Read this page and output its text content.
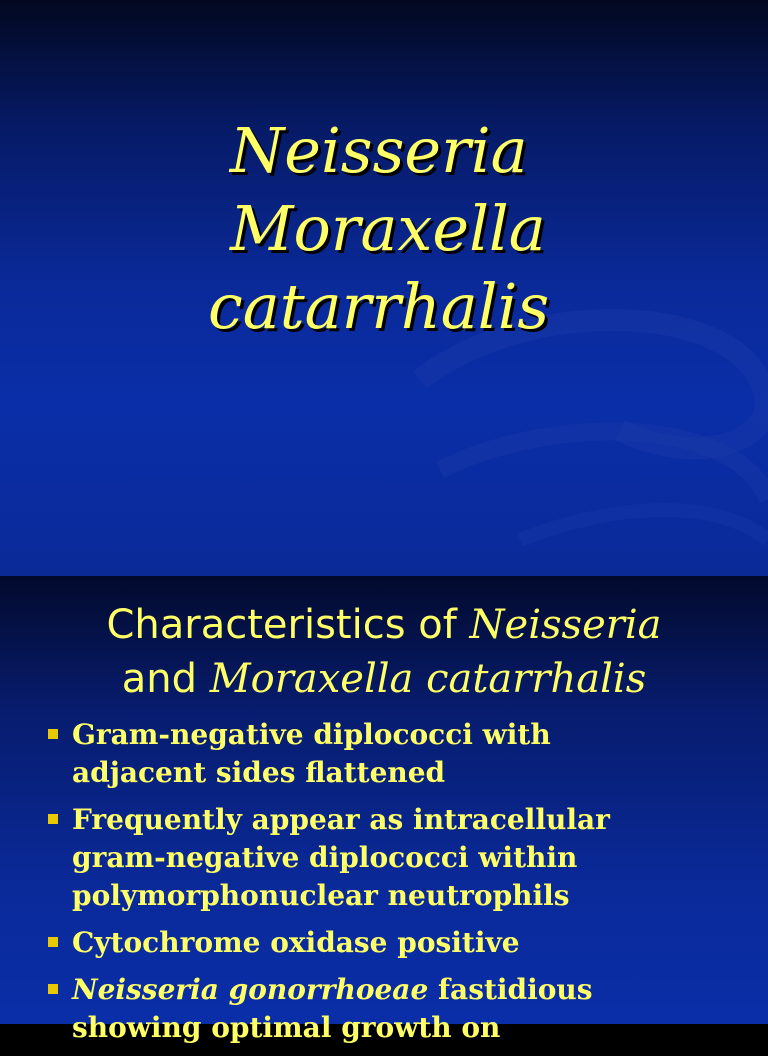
Neisseria
Moraxella
catarrhalis
Characteristics of Neisseria
and Moraxella catarrhalis
Gram-negative diplococci with
adjacent sides flattened
Frequently appear as intracellular
gram-negative diplococci within
polymorphonuclear neutrophils
Cytochrome oxidase positive
Neisseria gonorrhoeae fastidious
showing optimal growth on
